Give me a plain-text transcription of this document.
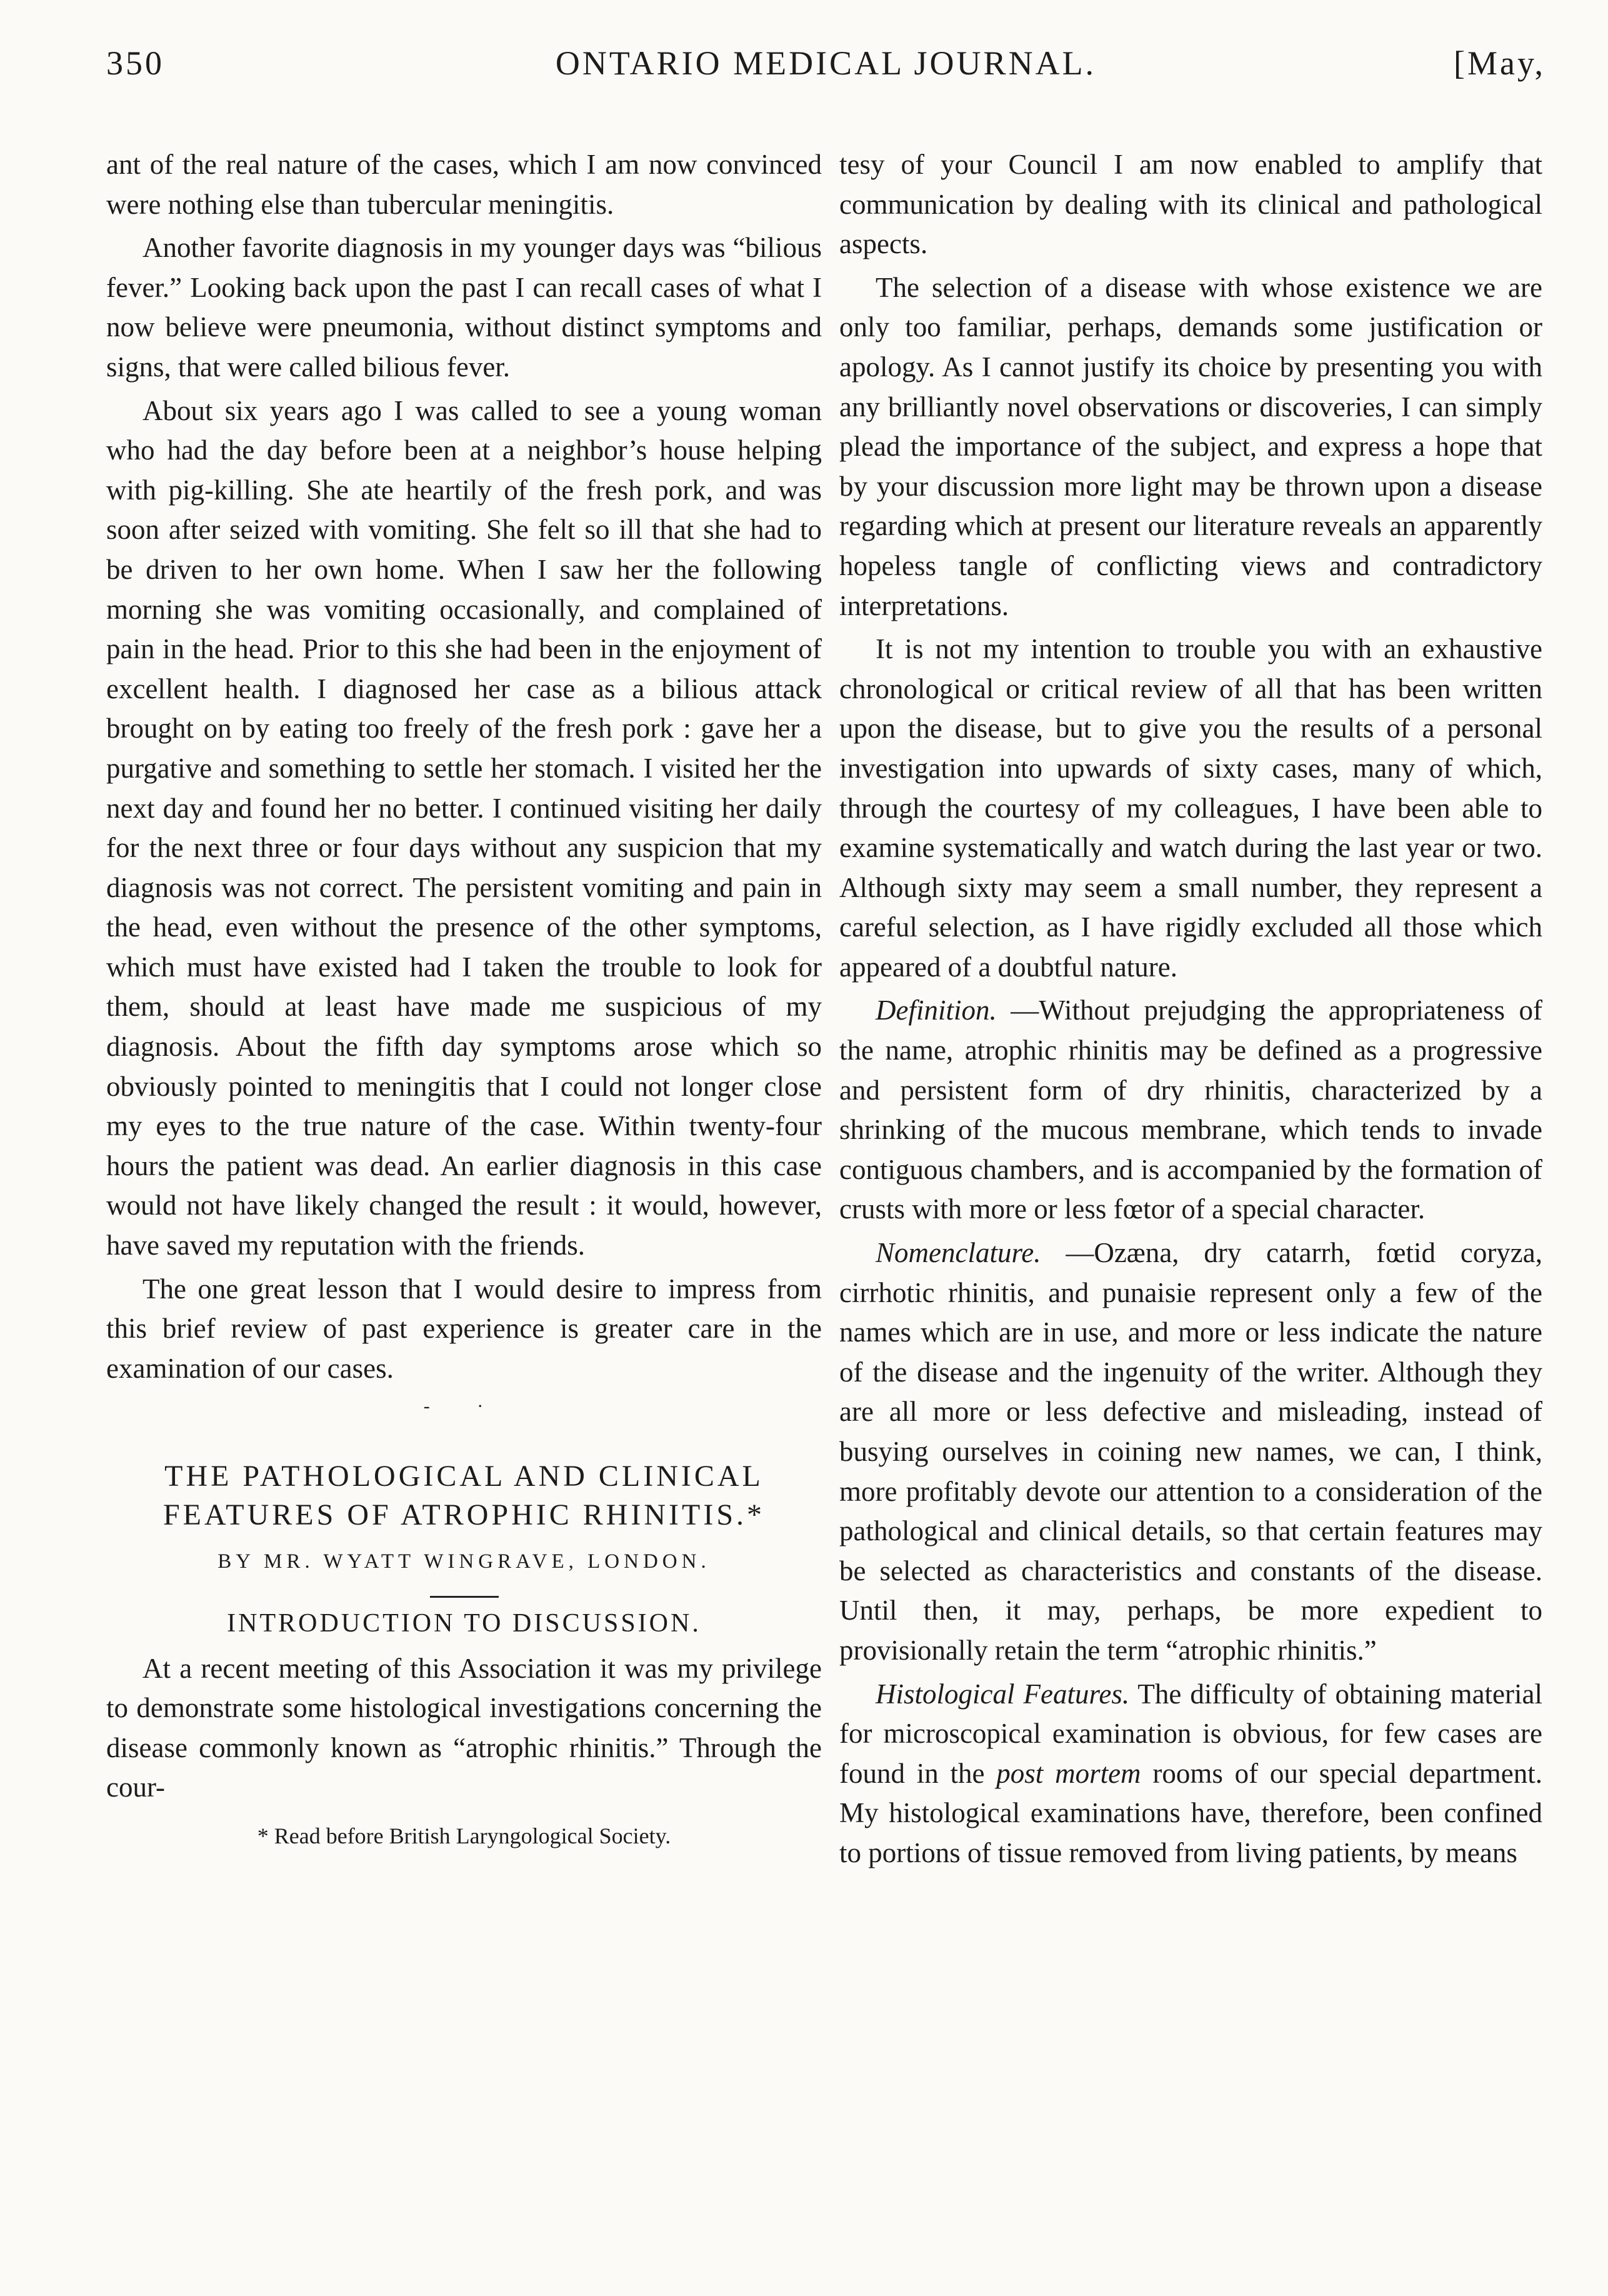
350	ONTARIO MEDICAL JOURNAL.	[May,

ant of the real nature of the cases, which I am now convinced were nothing else than tubercular meningitis.

Another favorite diagnosis in my younger days was “bilious fever.” Looking back upon the past I can recall cases of what I now believe were pneumonia, without distinct symptoms and signs, that were called bilious fever.

About six years ago I was called to see a young woman who had the day before been at a neighbor’s house helping with pig-killing. She ate heartily of the fresh pork, and was soon after seized with vomiting. She felt so ill that she had to be driven to her own home. When I saw her the following morning she was vomiting occasionally, and complained of pain in the head. Prior to this she had been in the enjoyment of excellent health. I diagnosed her case as a bilious attack brought on by eating too freely of the fresh pork : gave her a purgative and something to settle her stomach. I visited her the next day and found her no better. I continued visiting her daily for the next three or four days without any suspicion that my diagnosis was not correct. The persistent vomiting and pain in the head, even without the presence of the other symptoms, which must have existed had I taken the trouble to look for them, should at least have made me suspicious of my diagnosis. About the fifth day symptoms arose which so obviously pointed to meningitis that I could not longer close my eyes to the true nature of the case. Within twenty-four hours the patient was dead. An earlier diagnosis in this case would not have likely changed the result : it would, however, have saved my reputation with the friends.

The one great lesson that I would desire to impress from this brief review of past experience is greater care in the examination of our cases.

- ·
THE PATHOLOGICAL AND CLINICAL FEATURES OF ATROPHIC RHINITIS.*
BY MR. WYATT WINGRAVE, LONDON.
INTRODUCTION TO DISCUSSION.

At a recent meeting of this Association it was my privilege to demonstrate some histological investigations concerning the disease commonly known as “atrophic rhinitis.” Through the cour-

* Read before British Laryngological Society.

tesy of your Council I am now enabled to amplify that communication by dealing with its clinical and pathological aspects.

The selection of a disease with whose existence we are only too familiar, perhaps, demands some justification or apology. As I cannot justify its choice by presenting you with any brilliantly novel observations or discoveries, I can simply plead the importance of the subject, and express a hope that by your discussion more light may be thrown upon a disease regarding which at present our literature reveals an apparently hopeless tangle of conflicting views and contradictory interpretations.

It is not my intention to trouble you with an exhaustive chronological or critical review of all that has been written upon the disease, but to give you the results of a personal investigation into upwards of sixty cases, many of which, through the courtesy of my colleagues, I have been able to examine systematically and watch during the last year or two. Although sixty may seem a small number, they represent a careful selection, as I have rigidly excluded all those which appeared of a doubtful nature.

Definition. —Without prejudging the appropriateness of the name, atrophic rhinitis may be defined as a progressive and persistent form of dry rhinitis, characterized by a shrinking of the mucous membrane, which tends to invade contiguous chambers, and is accompanied by the formation of crusts with more or less fœtor of a special character.

Nomenclature. —Ozæna, dry catarrh, fœtid coryza, cirrhotic rhinitis, and punaisie represent only a few of the names which are in use, and more or less indicate the nature of the disease and the ingenuity of the writer. Although they are all more or less defective and misleading, instead of busying ourselves in coining new names, we can, I think, more profitably devote our attention to a consideration of the pathological and clinical details, so that certain features may be selected as characteristics and constants of the disease. Until then, it may, perhaps, be more expedient to provisionally retain the term “atrophic rhinitis.”

Histological Features. The difficulty of obtaining material for microscopical examination is obvious, for few cases are found in the post mortem rooms of our special department. My histological examinations have, therefore, been confined to portions of tissue removed from living patients, by means
